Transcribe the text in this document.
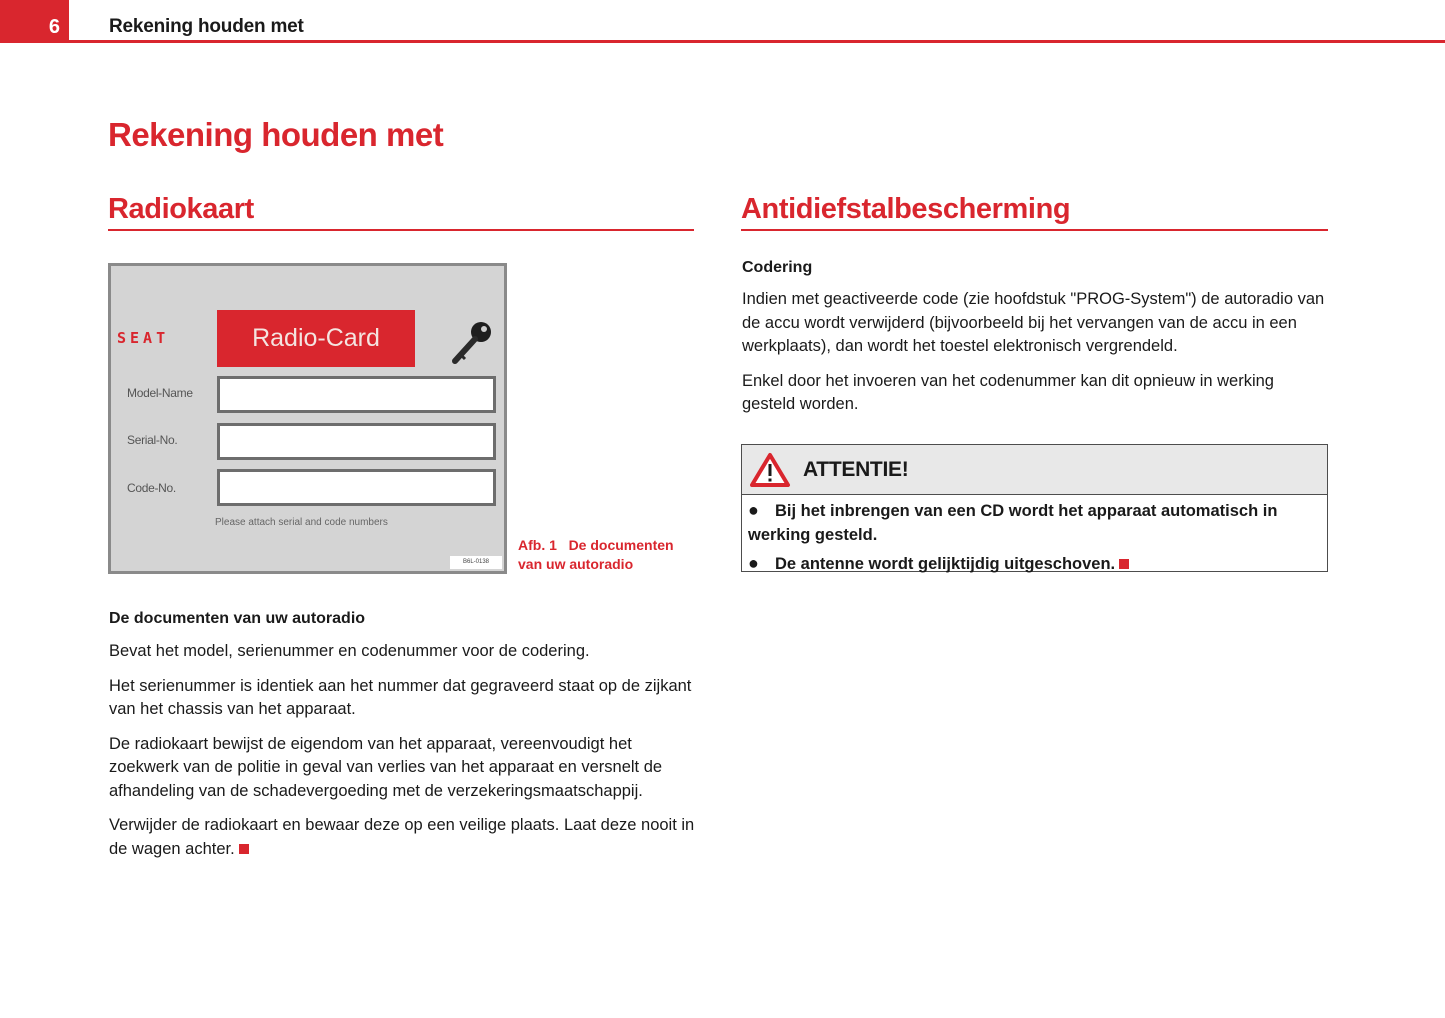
6	Rekening houden met
Rekening houden met
Radiokaart	Antidiefstalbescherming
SEAT	Radio-Card
Model-Name
Serial-No.
Code-No.
Please attach serial and code numbers
B6L-0138
Afb. 1 De documenten van uw autoradio
De documenten van uw autoradio

Bevat het model, serienummer en codenummer voor de codering.

Het serienummer is identiek aan het nummer dat gegraveerd staat op de zijkant van het chassis van het apparaat.

De radiokaart bewijst de eigendom van het apparaat, vereenvoudigt het zoekwerk van de politie in geval van verlies van het apparaat en versnelt de afhandeling van de schadevergoeding met de verzekeringsmaatschappij.

Verwijder de radiokaart en bewaar deze op een veilige plaats. Laat deze nooit in de wagen achter.

Codering

Indien met geactiveerde code (zie hoofdstuk "PROG-System") de autoradio van de accu wordt verwijderd (bijvoorbeeld bij het vervangen van de accu in een werkplaats), dan wordt het toestel elektronisch vergrendeld.

Enkel door het invoeren van het codenummer kan dit opnieuw in werking gesteld worden.

ATTENTIE!
● Bij het inbrengen van een CD wordt het apparaat automatisch in werking gesteld.
● De antenne wordt gelijktijdig uitgeschoven.
